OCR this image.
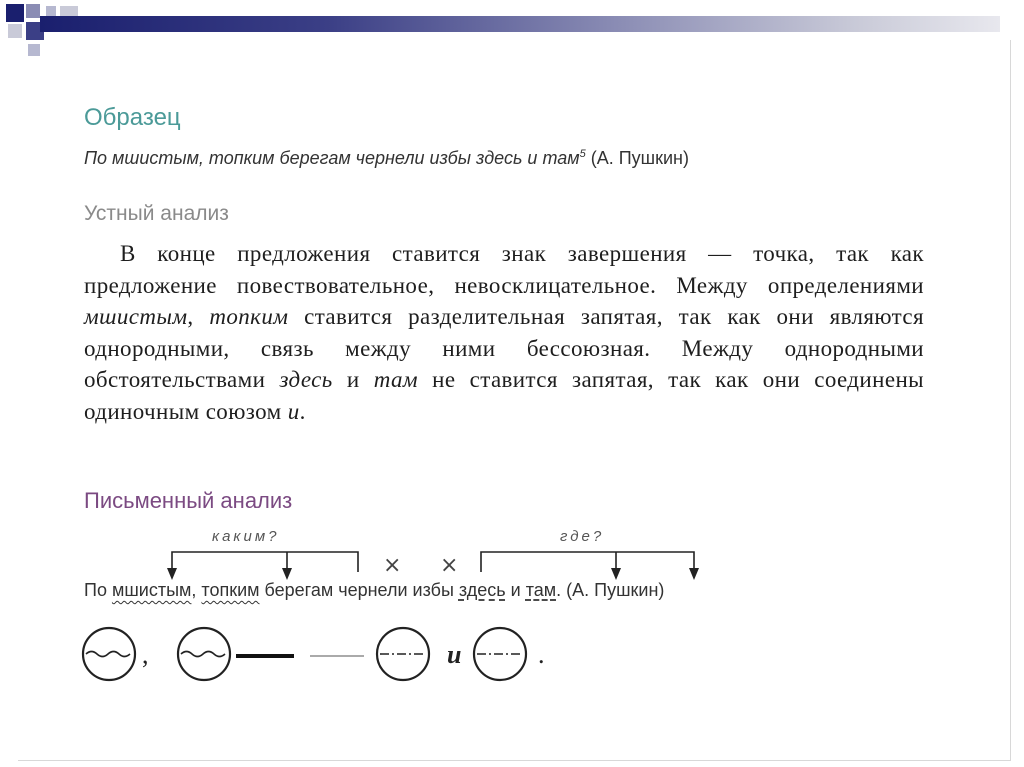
Образец
Устный анализ
Письменный анализ
По мшистым, топким берегам чернели избы здесь и там$^5$ (А. Пушкин)

В конце предложения ставится знак завершения — точка, так как предложение повествовательное, невосклицательное. Между определениями мшистым, топким ставится разделительная запятая, так как они являются однородными, связь между ними бессоюзная. Между однородными обстоятельствами здесь и там не ставится запятая, так как они соединены одиночным союзом и.

каким?	где?
× ×
По мшистым, топким берегам чернели избы здесь и там. (А. Пушкин)
,	и	.
